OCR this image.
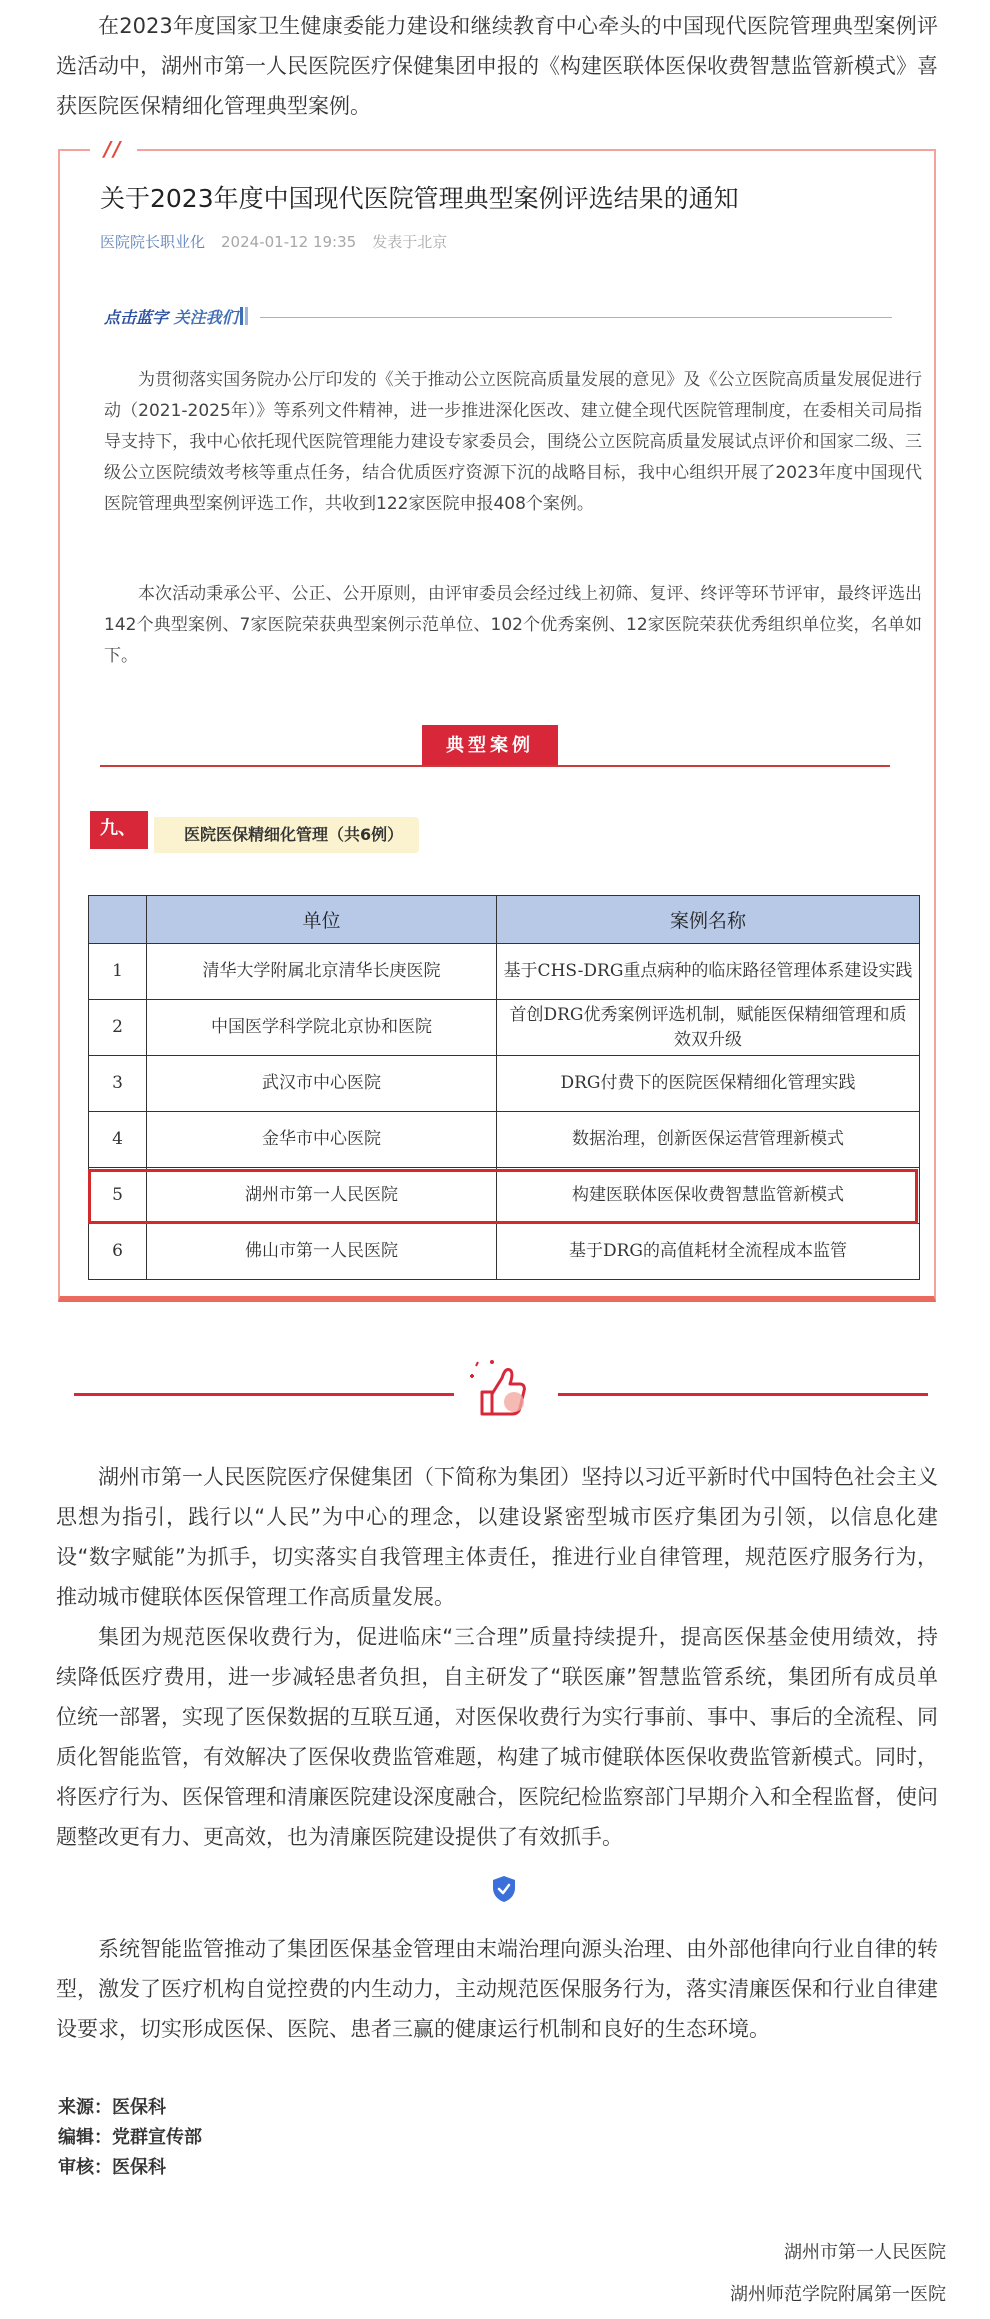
在2023年度国家卫生健康委能力建设和继续教育中心牵头的中国现代医院管理典型案例评选活动中，湖州市第一人民医院医疗保健集团申报的《构建医联体医保收费智慧监管新模式》喜获医院医保精细化管理典型案例。

//
关于2023年度中国现代医院管理典型案例评选结果的通知
医院院长职业化 2024-01-12 19:35 发表于北京
点击蓝字 关注我们

为贯彻落实国务院办公厅印发的《关于推动公立医院高质量发展的意见》及《公立医院高质量发展促进行动（2021-2025年）》等系列文件精神，进一步推进深化医改、建立健全现代医院管理制度，在委相关司局指导支持下，我中心依托现代医院管理能力建设专家委员会，围绕公立医院高质量发展试点评价和国家二级、三级公立医院绩效考核等重点任务，结合优质医疗资源下沉的战略目标，我中心组织开展了2023年度中国现代医院管理典型案例评选工作，共收到122家医院申报408个案例。

本次活动秉承公平、公正、公开原则，由评审委员会经过线上初筛、复评、终评等环节评审，最终评选出142个典型案例、7家医院荣获典型案例示范单位、102个优秀案例、12家医院荣获优秀组织单位奖，名单如下。

典型案例
九、	医院医保精细化管理（共6例）
	单位	案例名称
1	清华大学附属北京清华长庚医院	基于CHS-DRG重点病种的临床路径管理体系建设实践
2	中国医学科学院北京协和医院	首创DRG优秀案例评选机制，赋能医保精细管理和质效双升级
3	武汉市中心医院	DRG付费下的医院医保精细化管理实践
4	金华市中心医院	数据治理，创新医保运营管理新模式
5	湖州市第一人民医院	构建医联体医保收费智慧监管新模式
6	佛山市第一人民医院	基于DRG的高值耗材全流程成本监管

湖州市第一人民医院医疗保健集团（下简称为集团）坚持以习近平新时代中国特色社会主义思想为指引，践行以“人民”为中心的理念，以建设紧密型城市医疗集团为引领，以信息化建设“数字赋能”为抓手，切实落实自我管理主体责任，推进行业自律管理，规范医疗服务行为，推动城市健联体医保管理工作高质量发展。

集团为规范医保收费行为，促进临床“三合理”质量持续提升，提高医保基金使用绩效，持续降低医疗费用，进一步减轻患者负担，自主研发了“联医廉”智慧监管系统，集团所有成员单位统一部署，实现了医保数据的互联互通，对医保收费行为实行事前、事中、事后的全流程、同质化智能监管，有效解决了医保收费监管难题，构建了城市健联体医保收费监管新模式。同时，将医疗行为、医保管理和清廉医院建设深度融合，医院纪检监察部门早期介入和全程监督，使问题整改更有力、更高效，也为清廉医院建设提供了有效抓手。

系统智能监管推动了集团医保基金管理由末端治理向源头治理、由外部他律向行业自律的转型，激发了医疗机构自觉控费的内生动力，主动规范医保服务行为，落实清廉医保和行业自律建设要求，切实形成医保、医院、患者三赢的健康运行机制和良好的生态环境。

来源：医保科
编辑：党群宣传部
审核：医保科
湖州市第一人民医院
湖州师范学院附属第一医院
